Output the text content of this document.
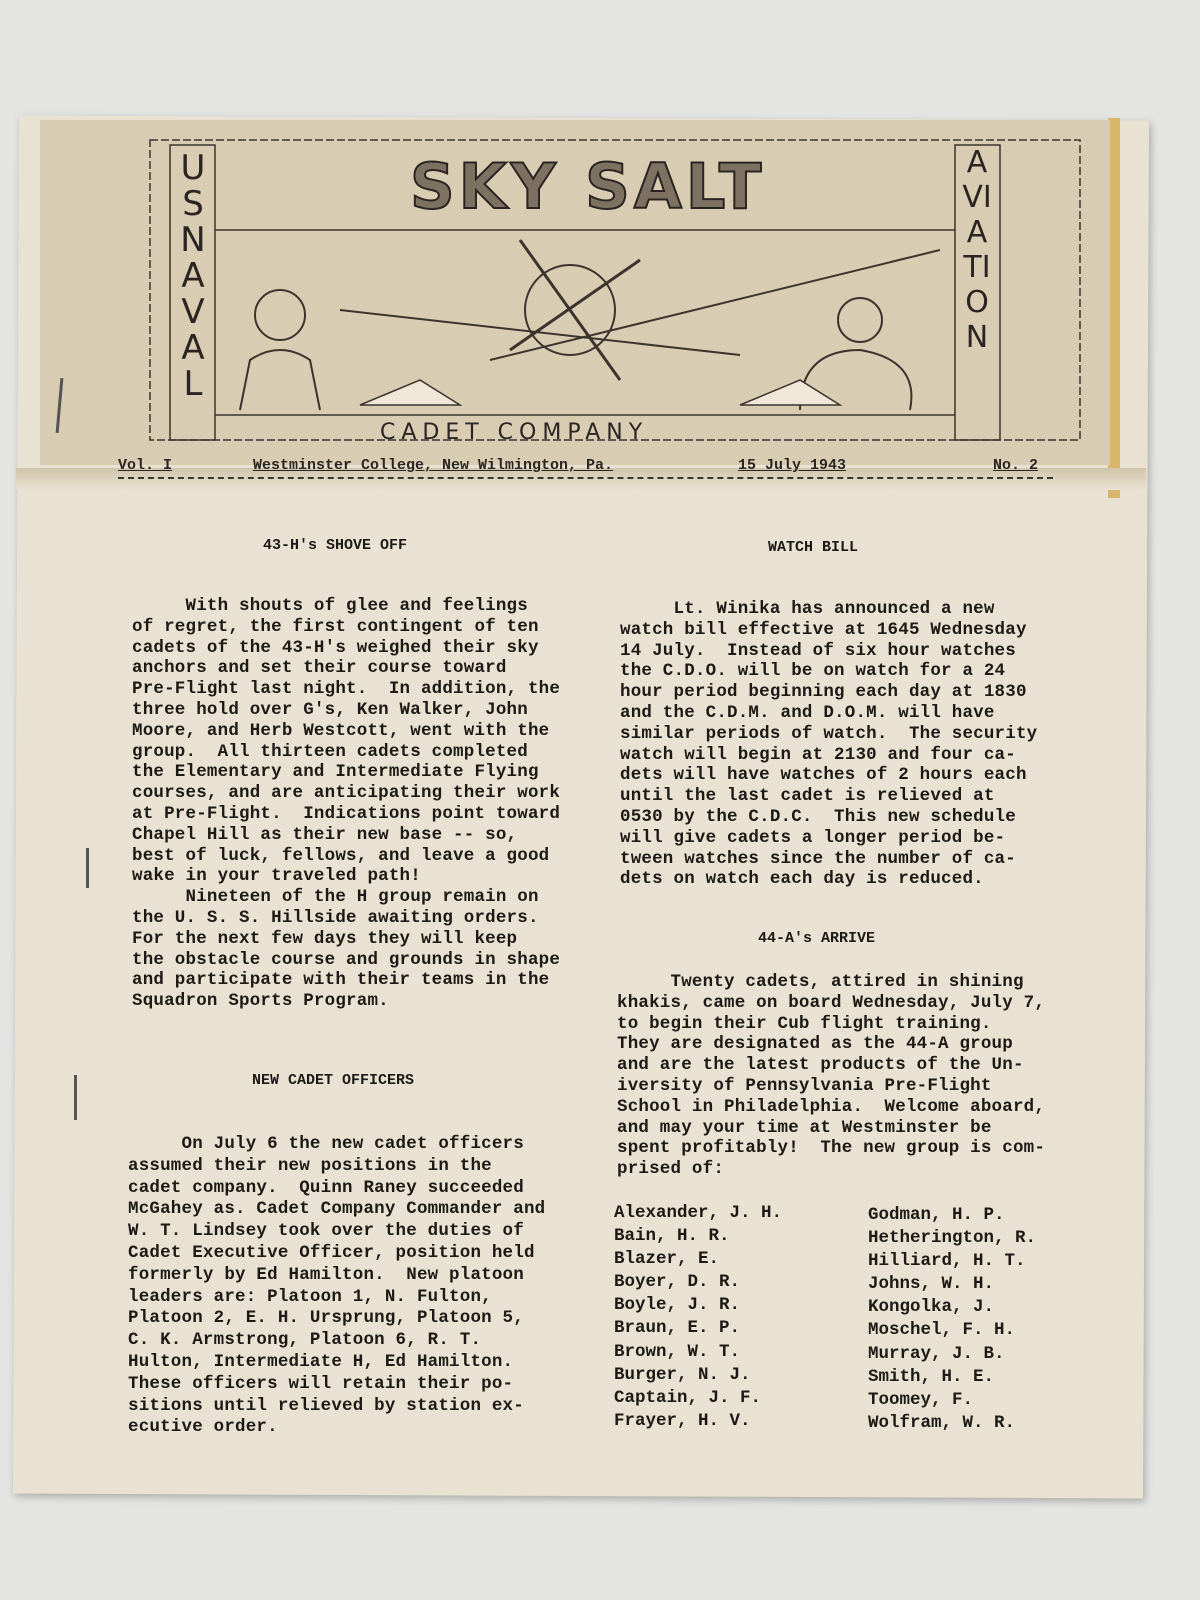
SKY SALT
US NAVAL
AVIATION
CADET COMPANY
Vol. I	Westminster College, New Wilmington, Pa.	15 July 1943	No. 2
43-H's SHOVE OFF
With shouts of glee and feelings
of regret, the first contingent of ten
cadets of the 43-H's weighed their sky
anchors and set their course toward
Pre-Flight last night.  In addition, the
three hold over G's, Ken Walker, John
Moore, and Herb Westcott, went with the
group.  All thirteen cadets completed
the Elementary and Intermediate Flying
courses, and are anticipating their work
at Pre-Flight.  Indications point toward
Chapel Hill as their new base -- so,
best of luck, fellows, and leave a good
wake in your traveled path!
Nineteen of the H group remain on
the U. S. S. Hillside awaiting orders.
For the next few days they will keep
the obstacle course and grounds in shape
and participate with their teams in the
Squadron Sports Program.
NEW CADET OFFICERS
On July 6 the new cadet officers
assumed their new positions in the
cadet company.  Quinn Raney succeeded
McGahey as. Cadet Company Commander and
W. T. Lindsey took over the duties of
Cadet Executive Officer, position held
formerly by Ed Hamilton.  New platoon
leaders are: Platoon 1, N. Fulton,
Platoon 2, E. H. Ursprung, Platoon 5,
C. K. Armstrong, Platoon 6, R. T.
Hulton, Intermediate H, Ed Hamilton.
These officers will retain their po-
sitions until relieved by station ex-
ecutive order.
WATCH BILL
Lt. Winika has announced a new
watch bill effective at 1645 Wednesday
14 July.  Instead of six hour watches
the C.D.O. will be on watch for a 24
hour period beginning each day at 1830
and the C.D.M. and D.O.M. will have
similar periods of watch.  The security
watch will begin at 2130 and four ca-
dets will have watches of 2 hours each
until the last cadet is relieved at
0530 by the C.D.C.  This new schedule
will give cadets a longer period be-
tween watches since the number of ca-
dets on watch each day is reduced.
44-A's ARRIVE
Twenty cadets, attired in shining
khakis, came on board Wednesday, July 7,
to begin their Cub flight training.
They are designated as the 44-A group
and are the latest products of the Un-
iversity of Pennsylvania Pre-Flight
School in Philadelphia.  Welcome aboard,
and may your time at Westminster be
spent profitably!  The new group is com-
prised of:
Alexander, J. H.
Bain, H. R.
Blazer, E.
Boyer, D. R.
Boyle, J. R.
Braun, E. P.
Brown, W. T.
Burger, N. J.
Captain, J. F.
Frayer, H. V.
Godman, H. P.
Hetherington, R.
Hilliard, H. T.
Johns, W. H.
Kongolka, J.
Moschel, F. H.
Murray, J. B.
Smith, H. E.
Toomey, F.
Wolfram, W. R.
